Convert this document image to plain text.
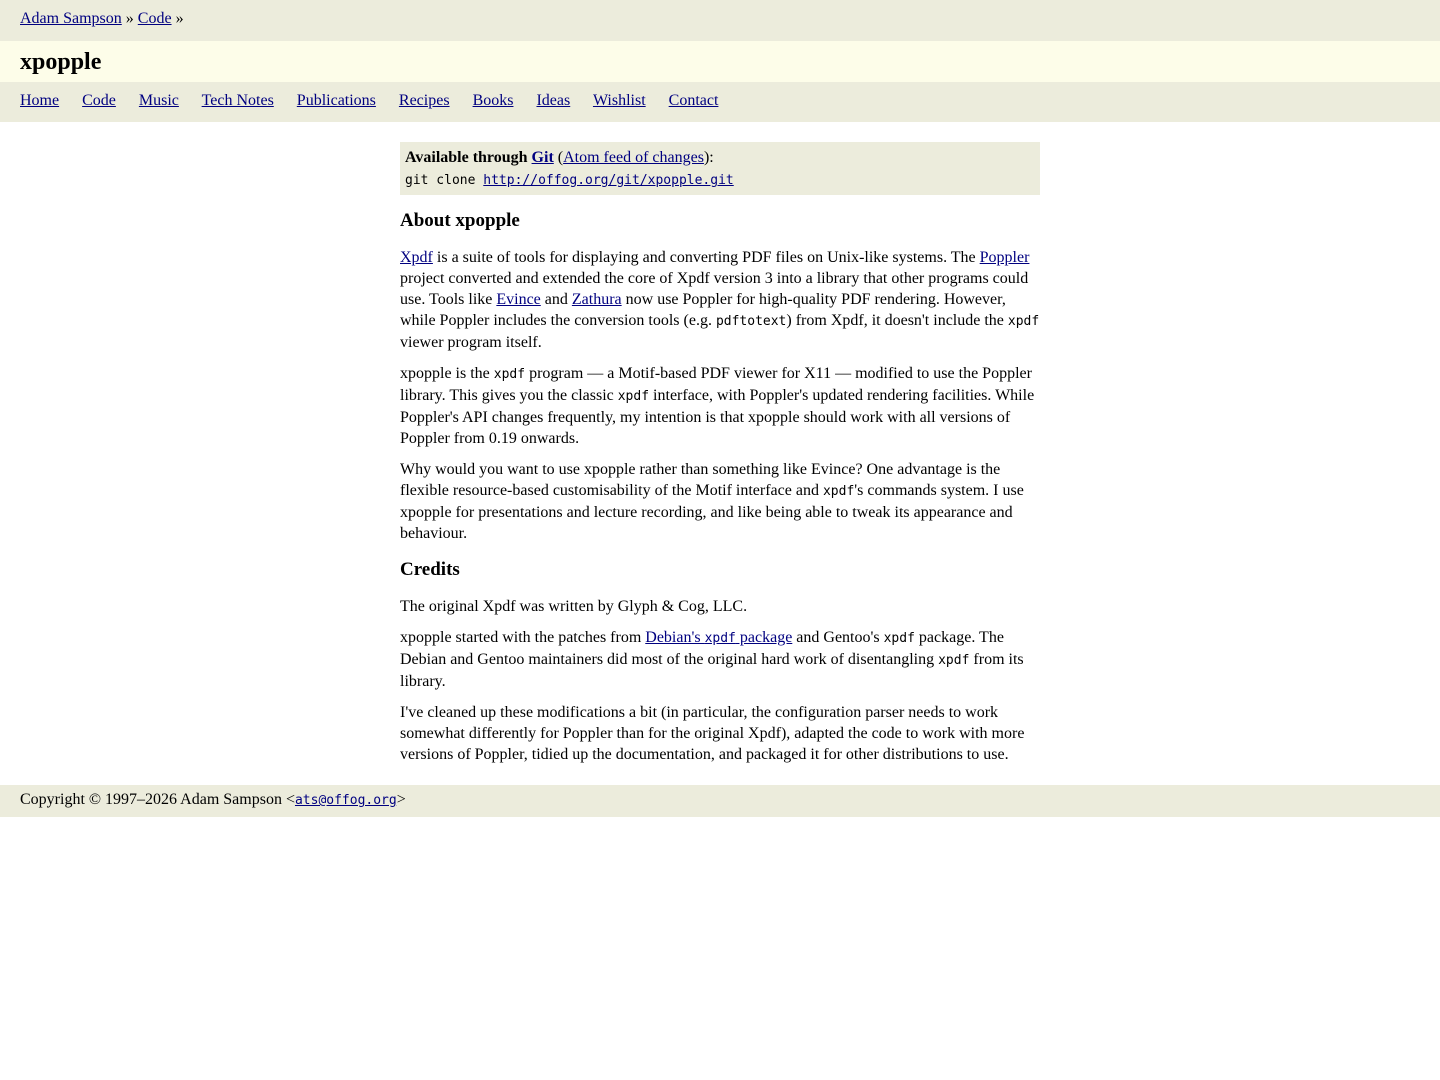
Adam Sampson » Code »
xpopple
Home Code Music Tech Notes Publications Recipes Books Ideas Wishlist Contact
Available through Git (Atom feed of changes):
git clone http://offog.org/git/xpopple.git
About xpopple

Xpdf is a suite of tools for displaying and converting PDF files on Unix-like systems. The Poppler project converted and extended the core of Xpdf version 3 into a library that other programs could use. Tools like Evince and Zathura now use Poppler for high-quality PDF rendering. However, while Poppler includes the conversion tools (e.g. pdftotext) from Xpdf, it doesn't include the xpdf viewer program itself.

xpopple is the xpdf program — a Motif-based PDF viewer for X11 — modified to use the Poppler library. This gives you the classic xpdf interface, with Poppler's updated rendering facilities. While Poppler's API changes frequently, my intention is that xpopple should work with all versions of Poppler from 0.19 onwards.

Why would you want to use xpopple rather than something like Evince? One advantage is the flexible resource-based customisability of the Motif interface and xpdf's commands system. I use xpopple for presentations and lecture recording, and like being able to tweak its appearance and behaviour.

Credits

The original Xpdf was written by Glyph & Cog, LLC.

xpopple started with the patches from Debian's xpdf package and Gentoo's xpdf package. The Debian and Gentoo maintainers did most of the original hard work of disentangling xpdf from its library.

I've cleaned up these modifications a bit (in particular, the configuration parser needs to work somewhat differently for Poppler than for the original Xpdf), adapted the code to work with more versions of Poppler, tidied up the documentation, and packaged it for other distributions to use.

Copyright © 1997–2026 Adam Sampson <ats@offog.org>
